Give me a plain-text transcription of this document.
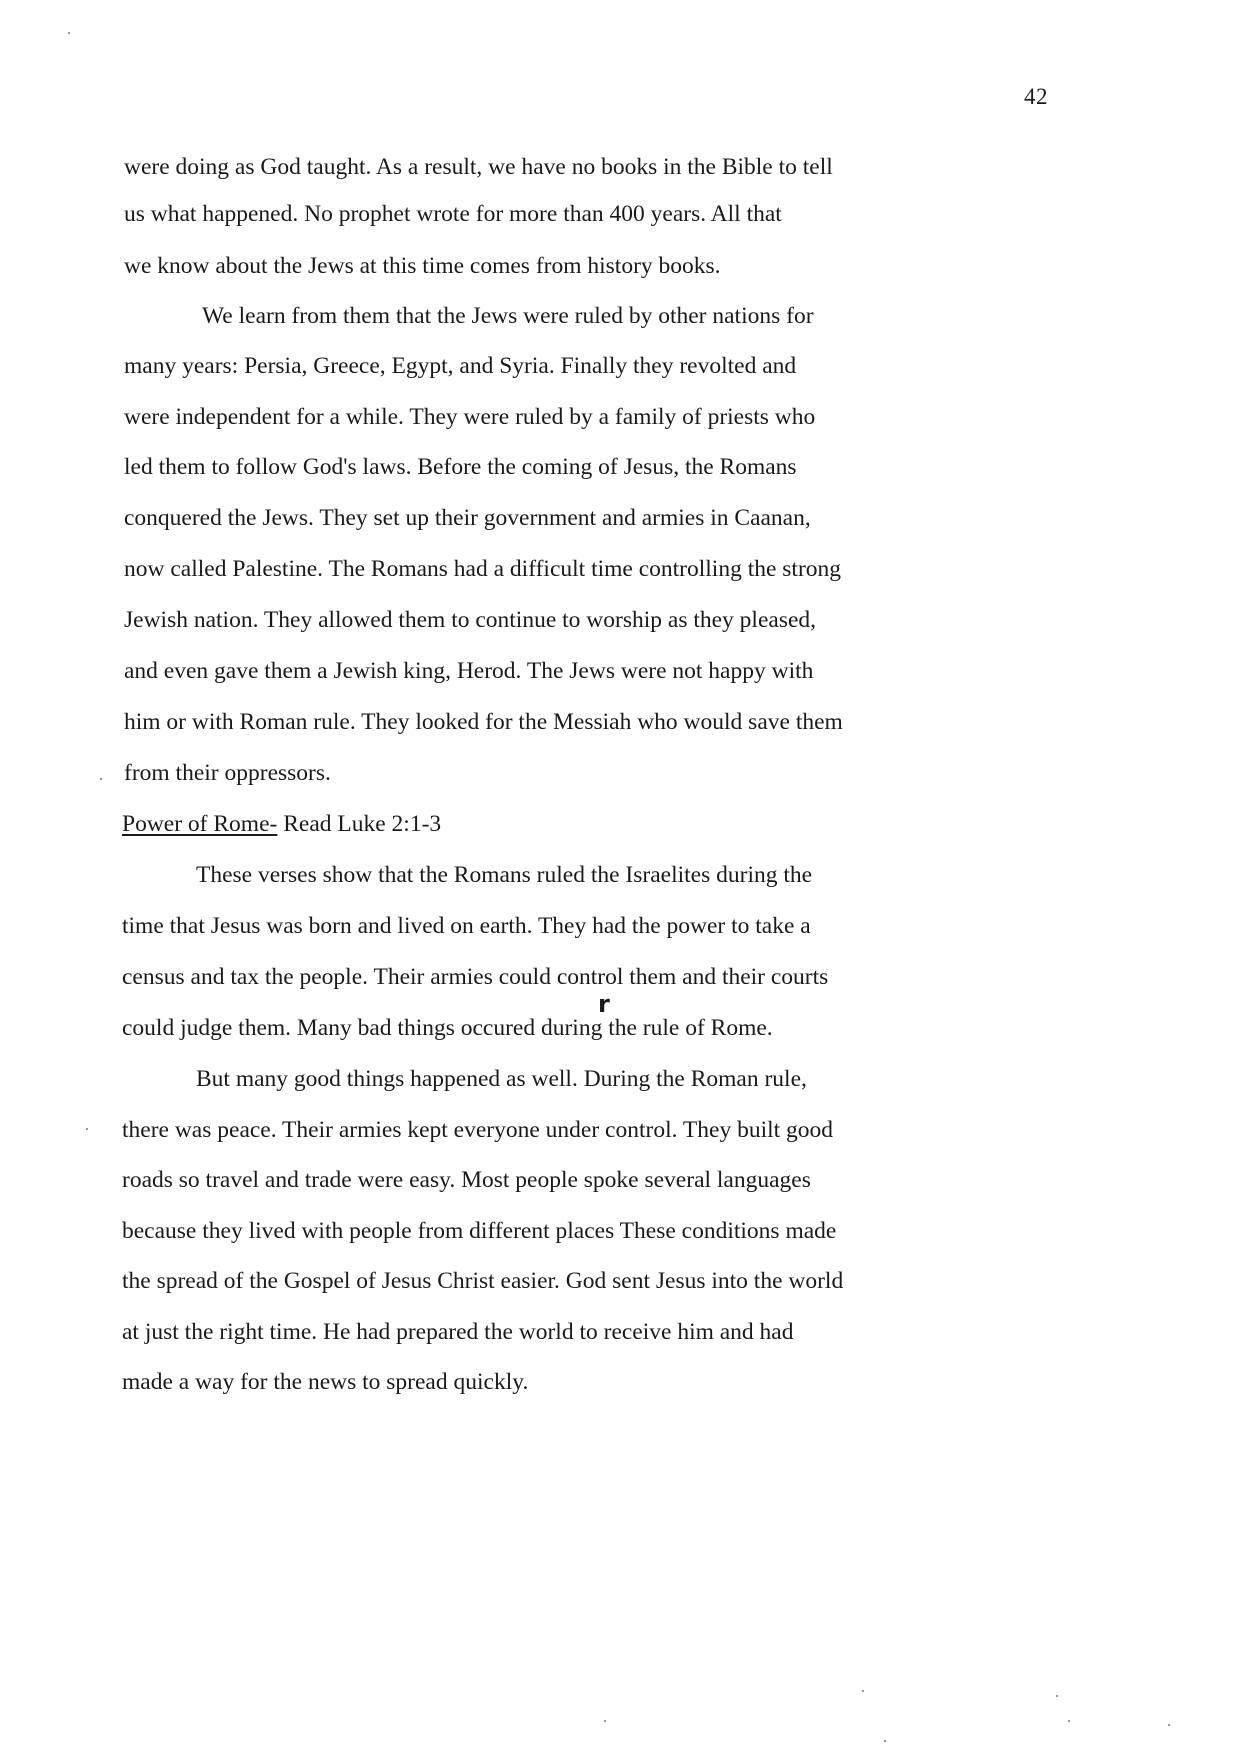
42
were doing as God taught. As a result, we have no books in the Bible to tell
us what happened. No prophet wrote for more than 400 years. All that
we know about the Jews at this time comes from history books.
We learn from them that the Jews were ruled by other nations for
many years: Persia, Greece, Egypt, and Syria. Finally they revolted and
were independent for a while. They were ruled by a family of priests who
led them to follow God's laws. Before the coming of Jesus, the Romans
conquered the Jews. They set up their government and armies in Caanan,
now called Palestine. The Romans had a difficult time controlling the strong
Jewish nation. They allowed them to continue to worship as they pleased,
and even gave them a Jewish king, Herod. The Jews were not happy with
him or with Roman rule. They looked for the Messiah who would save them
from their oppressors.
Power of Rome- Read Luke 2:1-3
These verses show that the Romans ruled the Israelites during the
time that Jesus was born and lived on earth. They had the power to take a
census and tax the people. Their armies could control them and their courts
could judge them. Many bad things occured during the rule of Rome.
r
But many good things happened as well. During the Roman rule,
there was peace. Their armies kept everyone under control. They built good
roads so travel and trade were easy. Most people spoke several languages
because they lived with people from different places These conditions made
the spread of the Gospel of Jesus Christ easier. God sent Jesus into the world
at just the right time. He had prepared the world to receive him and had
made a way for the news to spread quickly.
